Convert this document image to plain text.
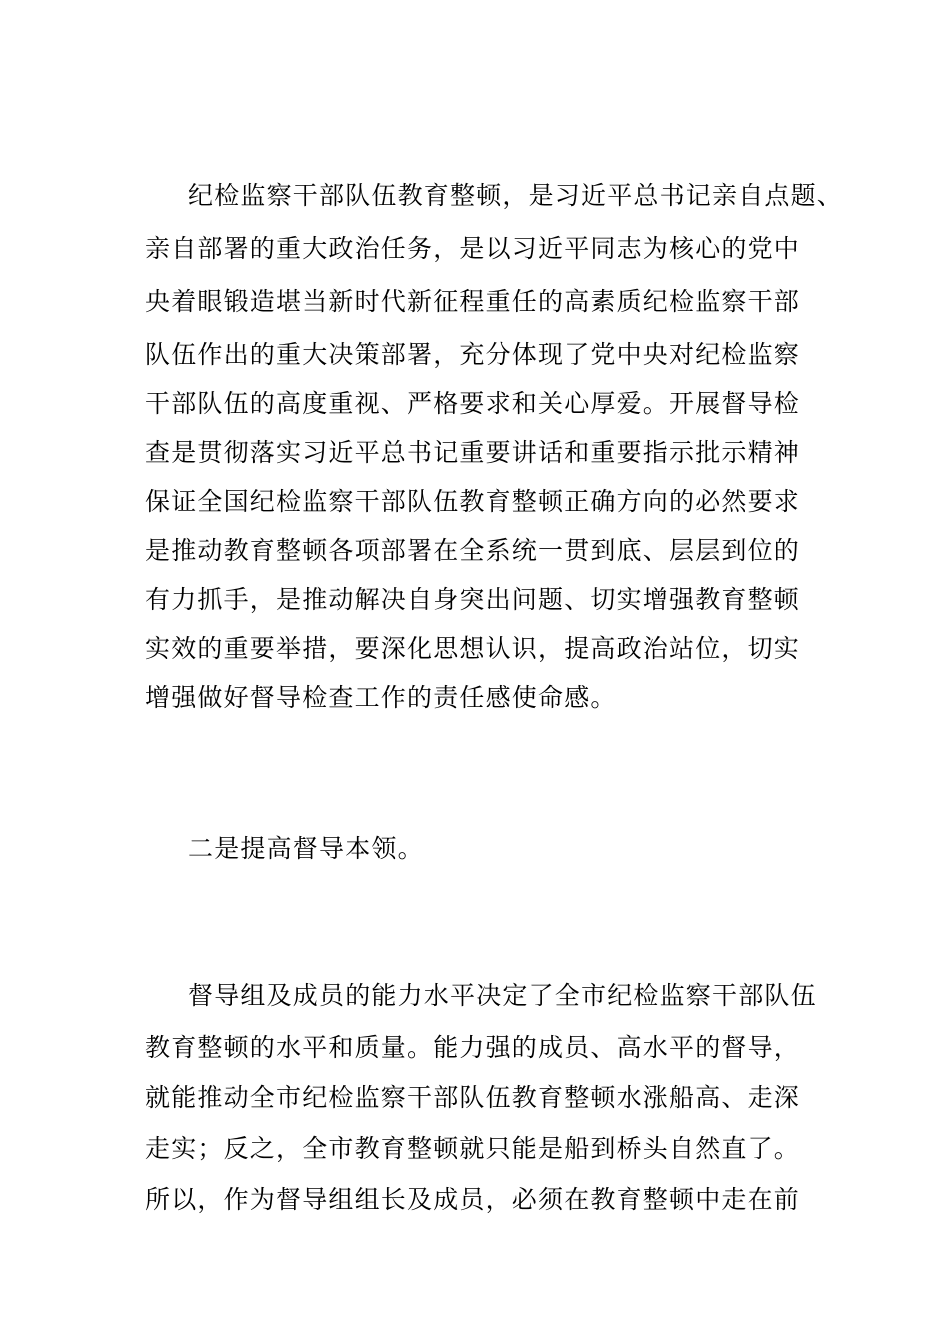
纪检监察干部队伍教育整顿，是习近平总书记亲自点题、
亲自部署的重大政治任务，是以习近平同志为核心的党中
央着眼锻造堪当新时代新征程重任的高素质纪检监察干部
队伍作出的重大决策部署，充分体现了党中央对纪检监察
干部队伍的高度重视、严格要求和关心厚爱。开展督导检
查是贯彻落实习近平总书记重要讲话和重要指示批示精神
保证全国纪检监察干部队伍教育整顿正确方向的必然要求
是推动教育整顿各项部署在全系统一贯到底、层层到位的
有力抓手，是推动解决自身突出问题、切实增强教育整顿
实效的重要举措，要深化思想认识，提高政治站位，切实
增强做好督导检查工作的责任感使命感。
二是提高督导本领。
督导组及成员的能力水平决定了全市纪检监察干部队伍
教育整顿的水平和质量。能力强的成员、高水平的督导，
就能推动全市纪检监察干部队伍教育整顿水涨船高、走深
走实；反之，全市教育整顿就只能是船到桥头自然直了。
所以，作为督导组组长及成员，必须在教育整顿中走在前
